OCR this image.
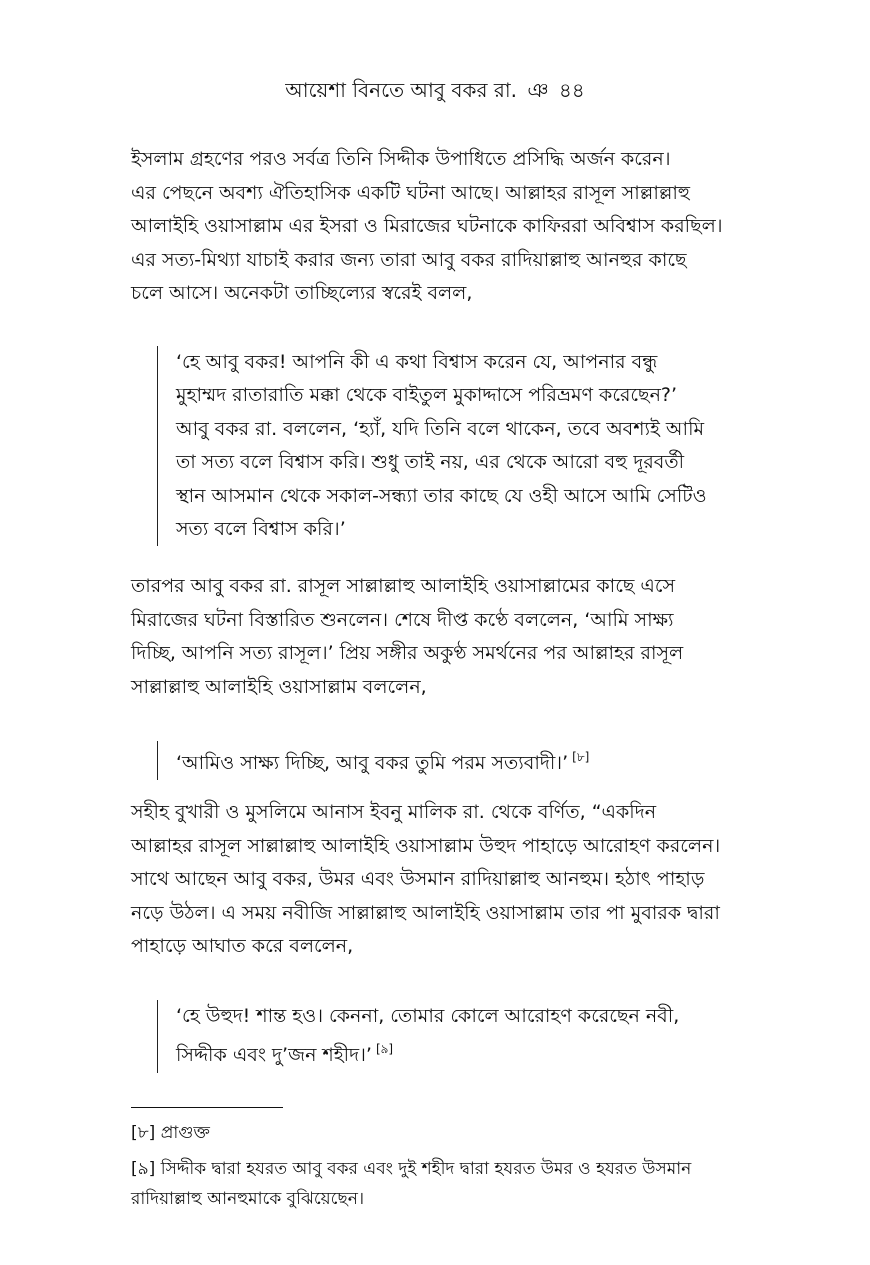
আয়েশা বিনতে আবু বকর রা. ঞ ৪৪
ইসলাম গ্রহণের পরও সর্বত্র তিনি সিদ্দীক উপাধিতে প্রসিদ্ধি অর্জন করেন।
এর পেছনে অবশ্য ঐতিহাসিক একটি ঘটনা আছে। আল্লাহর রাসূল সাল্লাল্লাহু
আলাইহি ওয়াসাল্লাম এর ইসরা ও মিরাজের ঘটনাকে কাফিররা অবিশ্বাস করছিল।
এর সত্য-মিথ্যা যাচাই করার জন্য তারা আবু বকর রাদিয়াল্লাহু আনহুর কাছে
চলে আসে। অনেকটা তাচ্ছিল্যের স্বরেই বলল,
‘হে আবু বকর! আপনি কী এ কথা বিশ্বাস করেন যে, আপনার বন্ধু
মুহাম্মদ রাতারাতি মক্কা থেকে বাইতুল মুকাদ্দাসে পরিভ্রমণ করেছেন?’
আবু বকর রা. বললেন, ‘হ্যাঁ, যদি তিনি বলে থাকেন, তবে অবশ্যই আমি
তা সত্য বলে বিশ্বাস করি। শুধু তাই নয়, এর থেকে আরো বহু দূরবর্তী
স্থান আসমান থেকে সকাল-সন্ধ্যা তার কাছে যে ওহী আসে আমি সেটিও
সত্য বলে বিশ্বাস করি।’
তারপর আবু বকর রা. রাসূল সাল্লাল্লাহু আলাইহি ওয়াসাল্লামের কাছে এসে
মিরাজের ঘটনা বিস্তারিত শুনলেন। শেষে দীপ্ত কণ্ঠে বললেন, ‘আমি সাক্ষ্য
দিচ্ছি, আপনি সত্য রাসূল।’ প্রিয় সঙ্গীর অকুণ্ঠ সমর্থনের পর আল্লাহর রাসূল
সাল্লাল্লাহু আলাইহি ওয়াসাল্লাম বললেন,
‘আমিও সাক্ষ্য দিচ্ছি, আবু বকর তুমি পরম সত্যবাদী।’ [৮]
সহীহ বুখারী ও মুসলিমে আনাস ইবনু মালিক রা. থেকে বর্ণিত, “একদিন
আল্লাহর রাসূল সাল্লাল্লাহু আলাইহি ওয়াসাল্লাম উহুদ পাহাড়ে আরোহণ করলেন।
সাথে আছেন আবু বকর, উমর এবং উসমান রাদিয়াল্লাহু আনহুম। হঠাৎ পাহাড়
নড়ে উঠল। এ সময় নবীজি সাল্লাল্লাহু আলাইহি ওয়াসাল্লাম তার পা মুবারক দ্বারা
পাহাড়ে আঘাত করে বললেন,
‘হে উহুদ! শান্ত হও। কেননা, তোমার কোলে আরোহণ করেছেন নবী,
সিদ্দীক এবং দু’জন শহীদ।’ [৯]
[৮] প্রাগুক্ত
[৯] সিদ্দীক দ্বারা হযরত আবু বকর এবং দুই শহীদ দ্বারা হযরত উমর ও হযরত উসমান
রাদিয়াল্লাহু আনহুমাকে বুঝিয়েছেন।
